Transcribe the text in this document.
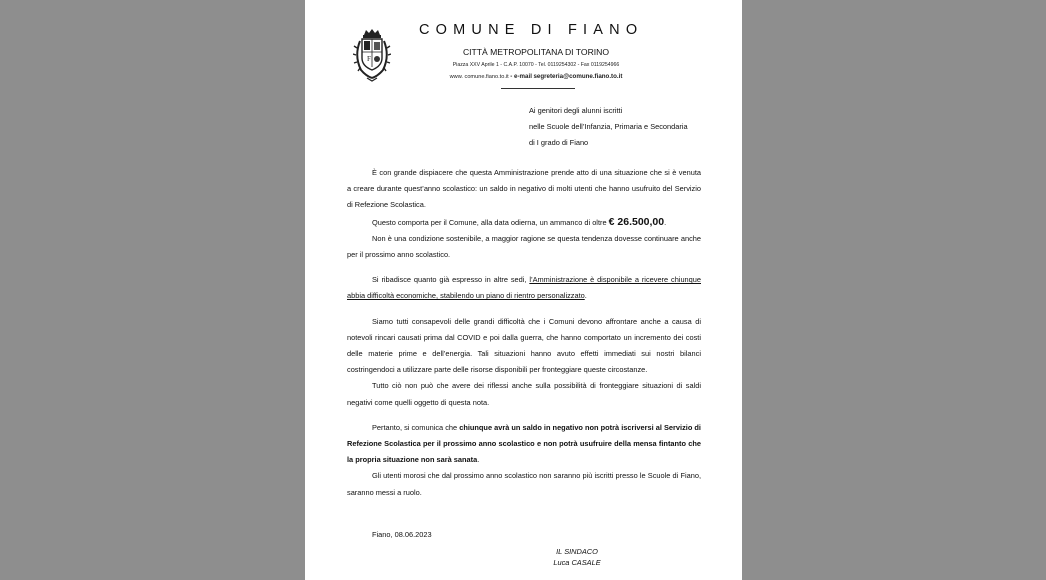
F
COMUNE DI FIANO
CITTÀ METROPOLITANA DI TORINO
Piazza XXV Aprile 1 - C.A.P. 10070 - Tel. 0119254302 - Fax 0119254966
www. comune.fiano.to.it - e-mail segreteria@comune.fiano.to.it
Ai genitori degli alunni iscritti
nelle Scuole dell’Infanzia, Primaria e Secondaria
di I grado di Fiano

È con grande dispiacere che questa Amministrazione prende atto di una situazione che si è venuta a creare durante quest’anno scolastico: un saldo in negativo di molti utenti che hanno usufruito del Servizio di Refezione Scolastica.

Questo comporta per il Comune, alla data odierna, un ammanco di oltre € 26.500,00.

Non è una condizione sostenibile, a maggior ragione se questa tendenza dovesse continuare anche per il prossimo anno scolastico.

Si ribadisce quanto già espresso in altre sedi, l’Amministrazione è disponibile a ricevere chiunque abbia difficoltà economiche, stabilendo un piano di rientro personalizzato.

Siamo tutti consapevoli delle grandi difficoltà che i Comuni devono affrontare anche a causa di notevoli rincari causati prima dal COVID e poi dalla guerra, che hanno comportato un incremento dei costi delle materie prime e dell’energia. Tali situazioni hanno avuto effetti immediati sui nostri bilanci costringendoci a utilizzare parte delle risorse disponibili per fronteggiare queste circostanze.

Tutto ciò non può che avere dei riflessi anche sulla possibilità di fronteggiare situazioni di saldi negativi come quelli oggetto di questa nota.

Pertanto, si comunica che chiunque avrà un saldo in negativo non potrà iscriversi al Servizio di Refezione Scolastica per il prossimo anno scolastico e non potrà usufruire della mensa fintanto che la propria situazione non sarà sanata.

Gli utenti morosi che dal prossimo anno scolastico non saranno più iscritti presso le Scuole di Fiano, saranno messi a ruolo.

Fiano, 08.06.2023
IL SINDACO
Luca CASALE
